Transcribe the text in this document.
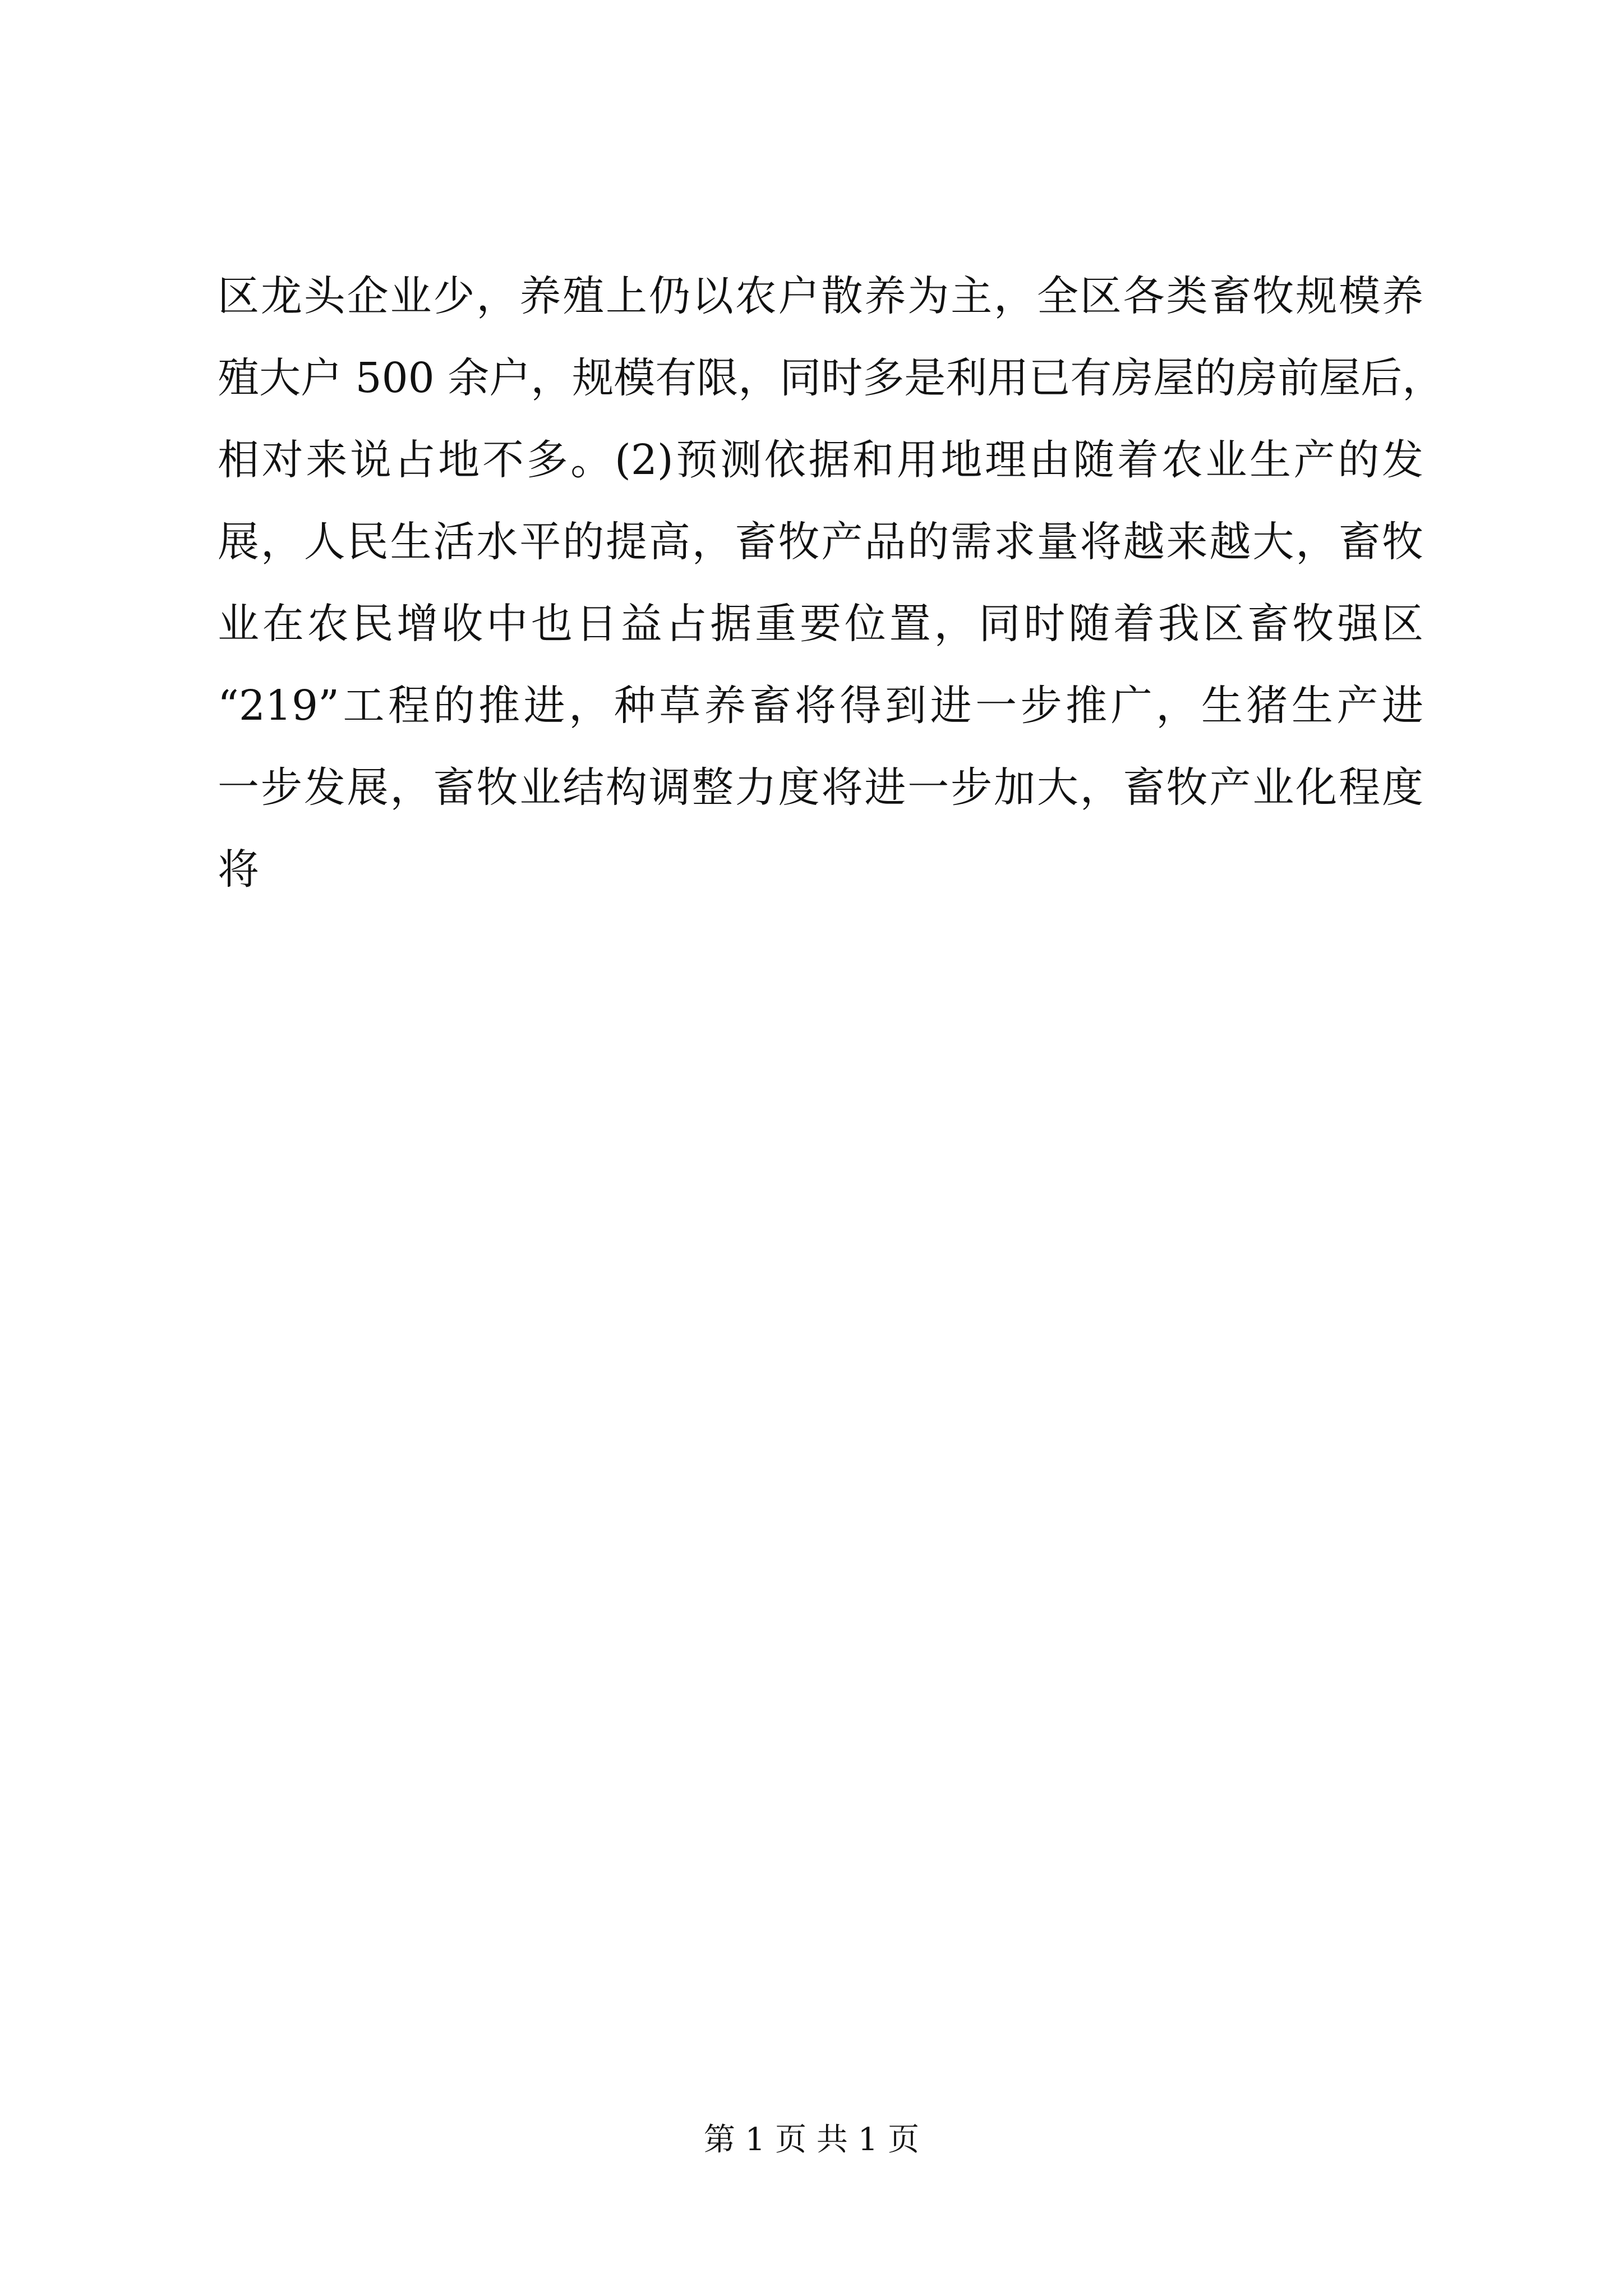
区龙头企业少，养殖上仍以农户散养为主，全区各类畜牧规模养
殖大户 500 余户，规模有限，同时多是利用已有房屋的房前屋后，
相对来说占地不多。(2)预测依据和用地理由随着农业生产的发
展，人民生活水平的提高，畜牧产品的需求量将越来越大，畜牧
业在农民增收中也日益占据重要位置，同时随着我区畜牧强区
“219”工程的推进，种草养畜将得到进一步推广，生猪生产进
一步发展，畜牧业结构调整力度将进一步加大，畜牧产业化程度
将
第 1 页 共 1 页
